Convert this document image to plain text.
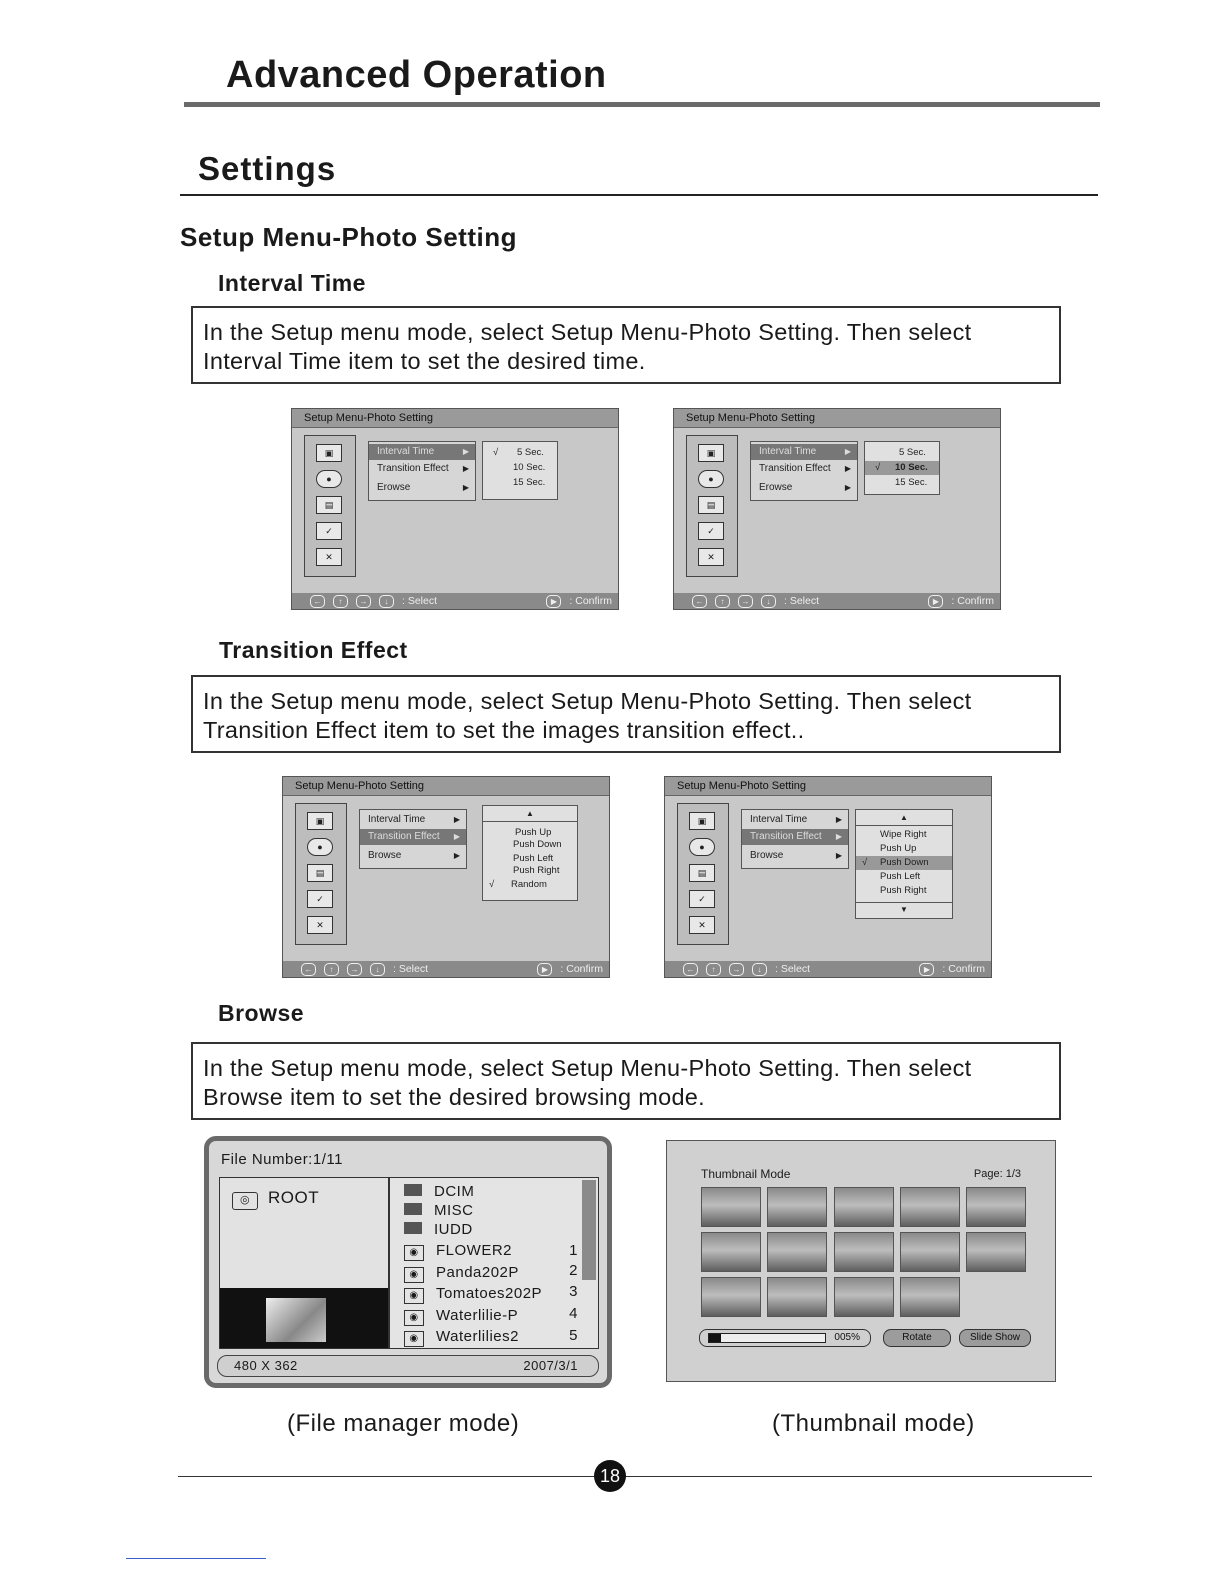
Advanced Operation
Settings
Setup Menu-Photo Setting
Interval Time
In the Setup menu mode, select Setup Menu-Photo Setting. Then select
Interval Time item to set the desired time.
Setup Menu-Photo Setting
▣
●
▤
✓
✕
Interval Time ▶
Transition Effect ▶
Erowse ▶
√	5 Sec.
10 Sec.
15 Sec.
← ↑ → ↓ : Select	▶ : Confirm
Setup Menu-Photo Setting
▣
●
▤
✓
✕
Interval Time ▶
Transition Effect ▶
Erowse ▶
5 Sec.
√ 10 Sec.
15 Sec.
← ↑ → ↓ : Select	▶ : Confirm
Transition Effect
In the Setup menu mode, select Setup Menu-Photo Setting. Then select
Transition Effect item to set the images transition effect..
Setup Menu-Photo Setting
▣
●
▤
✓
✕
Interval Time ▶
Transition Effect ▶
Browse ▶
▲
Push Up
Push Down
Push Left
Push Right
√	Random
← ↑ → ↓ : Select	▶ : Confirm
Setup Menu-Photo Setting
▣
●
▤
✓
✕
Interval Time ▶
Transition Effect ▶
Browse ▶
▲
Wipe Right
Push Up
√ Push Down
Push Left
Push Right
▼
← ↑ → ↓ : Select	▶ : Confirm
Browse
In the Setup menu mode, select Setup Menu-Photo Setting. Then select
Browse item to set the desired browsing mode.
File Number:1/11
◎ ROOT	DCIM
MISC
IUDD
◉ FLOWER2	1
◉ Panda202P	2
◉ Tomatoes202P 3
◉ Waterlilie-P	4
◉ Waterlilies2	5
480 X 362	2007/3/1
Thumbnail Mode	Page: 1/3
005%	Rotate	Slide Show
(File manager mode)	(Thumbnail mode)
18
